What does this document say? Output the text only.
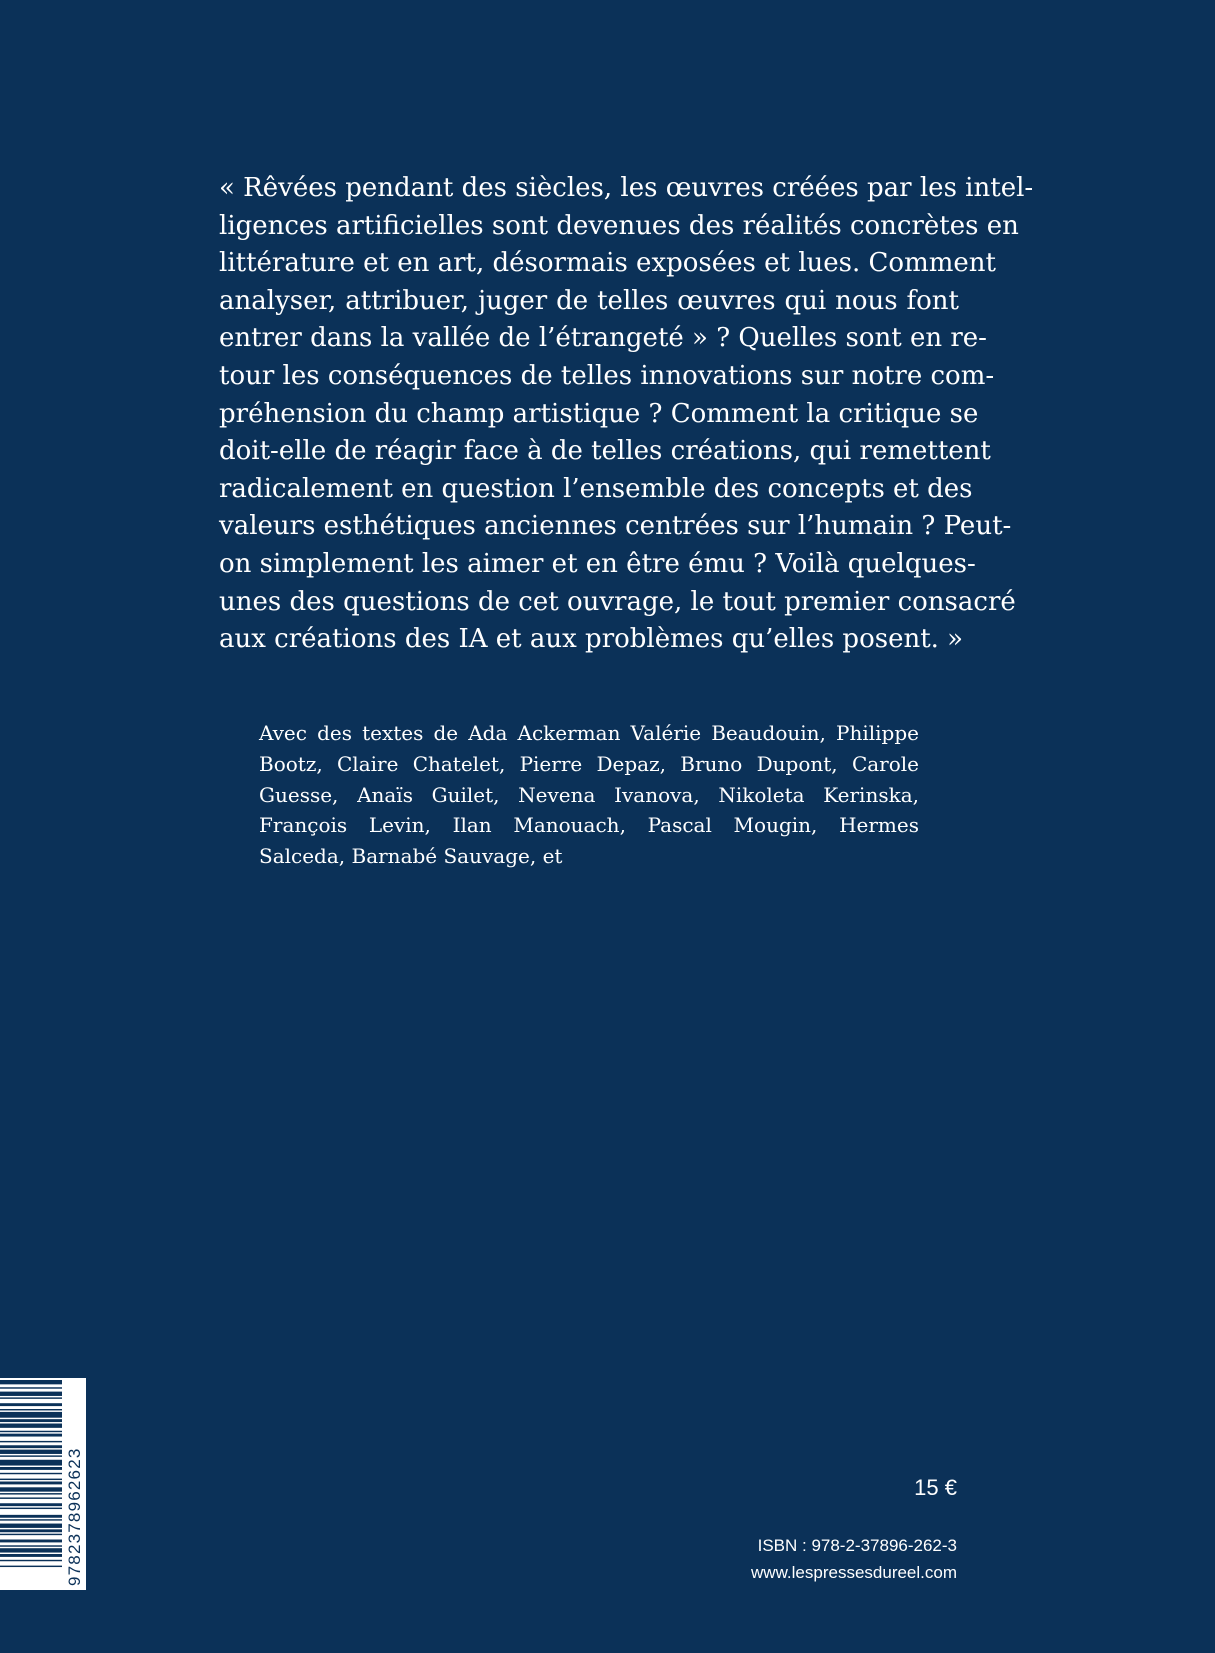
« Rêvées pendant des siècles, les œuvres créées par les intel-
ligences artificielles sont devenues des réalités concrètes en
littérature et en art, désormais exposées et lues. Comment
analyser, attribuer, juger de telles œuvres qui nous font
entrer dans la vallée de l’étrangeté » ? Quelles sont en re-
tour les conséquences de telles innovations sur notre com-
préhension du champ artistique ? Comment la critique se
doit-elle de réagir face à de telles créations, qui remettent
radicalement en question l’ensemble des concepts et des
valeurs esthétiques anciennes centrées sur l’humain ? Peut-
on simplement les aimer et en être ému ? Voilà quelques-
unes des questions de cet ouvrage, le tout premier consacré
aux créations des IA et aux problèmes qu’elles posent. »
Avec des textes de Ada Ackerman Valérie Beaudouin, Philippe
Bootz, Claire Chatelet, Pierre Depaz, Bruno Dupont, Carole
Guesse, Anaïs Guilet, Nevena Ivanova, Nikoleta Kerinska,
François Levin, Ilan Manouach, Pascal Mougin, Hermes
Salceda, Barnabé Sauvage, et
15 €
ISBN : 978-2-37896-262-3
www.lespressesdureel.com
9782378962623
